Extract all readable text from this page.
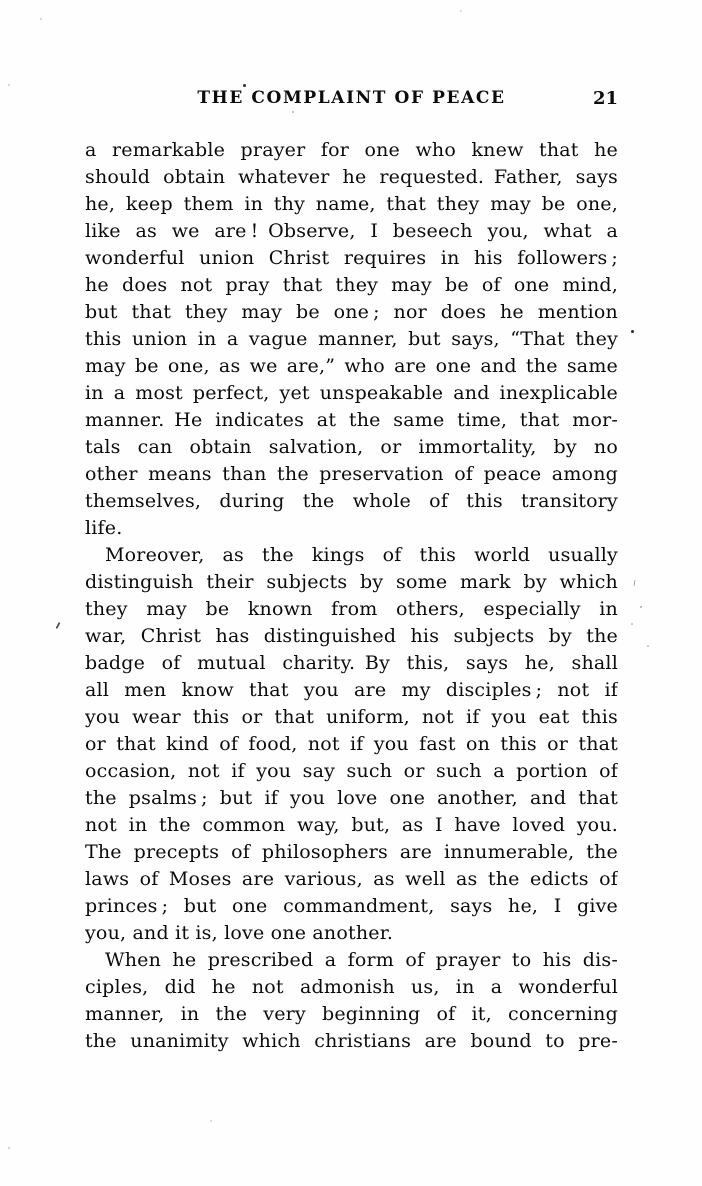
THE COMPLAINT OF PEACE	21
a remarkable prayer for one who knew that he
should obtain whatever he requested. Father, says
he, keep them in thy name, that they may be one,
like as we are ! Observe, I beseech you, what a
wonderful union Christ requires in his followers ;
he does not pray that they may be of one mind,
but that they may be one ; nor does he mention
this union in a vague manner, but says, “That they
may be one, as we are,” who are one and the same
in a most perfect, yet unspeakable and inexplicable
manner. He indicates at the same time, that mor-
tals can obtain salvation, or immortality, by no
other means than the preservation of peace among
themselves, during the whole of this transitory
life.
Moreover, as the kings of this world usually
distinguish their subjects by some mark by which
they may be known from others, especially in
war, Christ has distinguished his subjects by the
badge of mutual charity. By this, says he, shall
all men know that you are my disciples ; not if
you wear this or that uniform, not if you eat this
or that kind of food, not if you fast on this or that
occasion, not if you say such or such a portion of
the psalms ; but if you love one another, and that
not in the common way, but, as I have loved you.
The precepts of philosophers are innumerable, the
laws of Moses are various, as well as the edicts of
princes ; but one commandment, says he, I give
you, and it is, love one another.
When he prescribed a form of prayer to his dis-
ciples, did he not admonish us, in a wonderful
manner, in the very beginning of it, concerning
the unanimity which christians are bound to pre-
